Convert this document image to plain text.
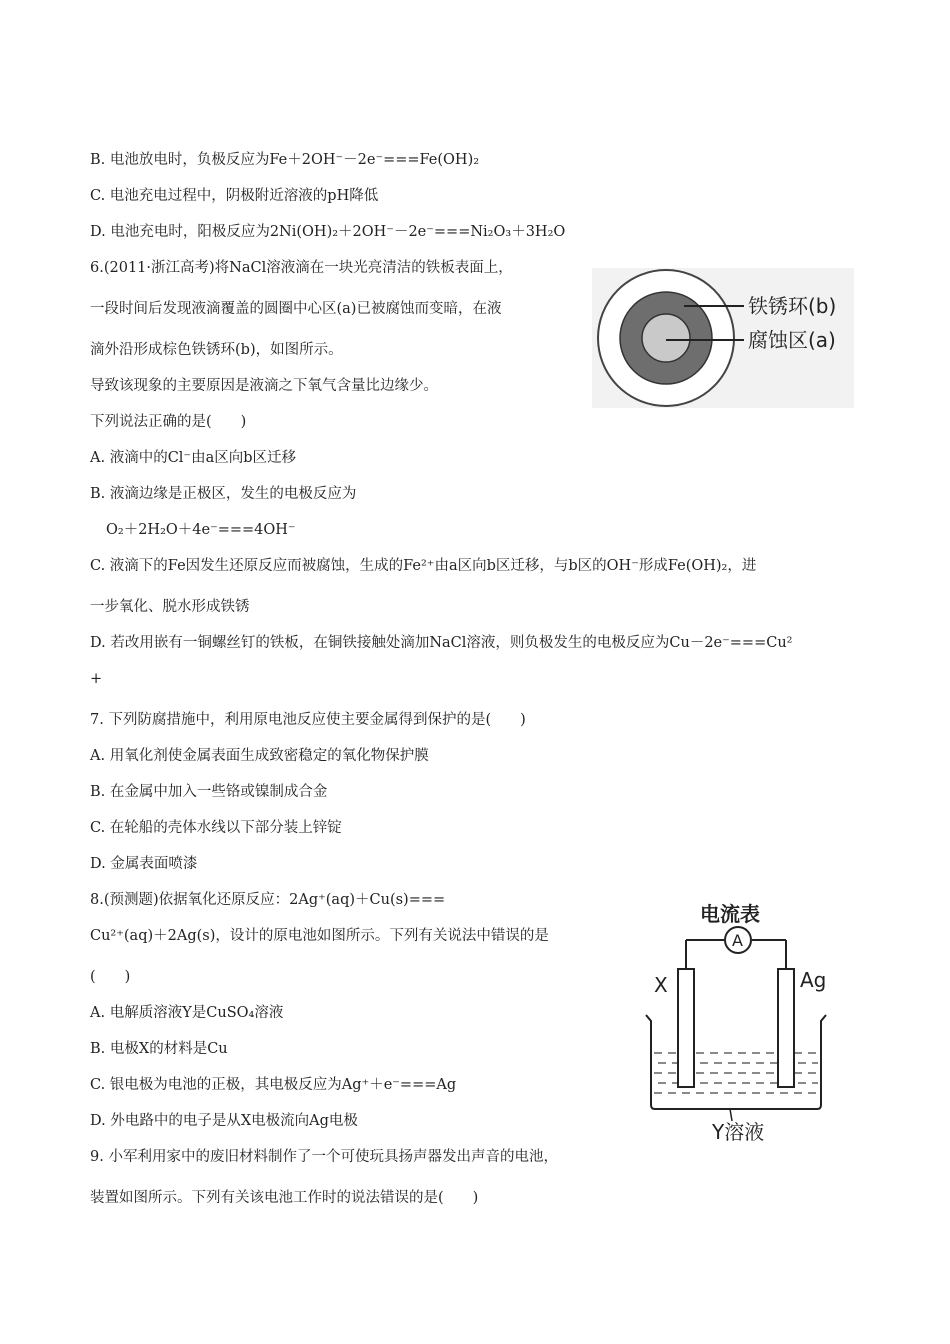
B. 电池放电时，负极反应为Fe＋2OH⁻－2e⁻===Fe(OH)₂
C. 电池充电过程中，阴极附近溶液的pH降低
D. 电池充电时，阳极反应为2Ni(OH)₂＋2OH⁻－2e⁻===Ni₂O₃＋3H₂O
6.(2011·浙江高考)将NaCl溶液滴在一块光亮清洁的铁板表面上，
一段时间后发现液滴覆盖的圆圈中心区(a)已被腐蚀而变暗，在液
滴外沿形成棕色铁锈环(b)，如图所示。
导致该现象的主要原因是液滴之下氧气含量比边缘少。
下列说法正确的是(　　)
A. 液滴中的Cl⁻由a区向b区迁移
B. 液滴边缘是正极区，发生的电极反应为
O₂＋2H₂O＋4e⁻===4OH⁻
C. 液滴下的Fe因发生还原反应而被腐蚀，生成的Fe²⁺由a区向b区迁移，与b区的OH⁻形成Fe(OH)₂，进
一步氧化、脱水形成铁锈
D. 若改用嵌有一铜螺丝钉的铁板，在铜铁接触处滴加NaCl溶液，则负极发生的电极反应为Cu－2e⁻===Cu²
+
7. 下列防腐措施中，利用原电池反应使主要金属得到保护的是(　　)
A. 用氧化剂使金属表面生成致密稳定的氧化物保护膜
B. 在金属中加入一些铬或镍制成合金
C. 在轮船的壳体水线以下部分装上锌锭
D. 金属表面喷漆
8.(预测题)依据氧化还原反应：2Ag⁺(aq)＋Cu(s)===
Cu²⁺(aq)＋2Ag(s)，设计的原电池如图所示。下列有关说法中错误的是
(　　)
A. 电解质溶液Y是CuSO₄溶液
B. 电极X的材料是Cu
C. 银电极为电池的正极，其电极反应为Ag⁺＋e⁻===Ag
D. 外电路中的电子是从X电极流向Ag电极
9. 小军利用家中的废旧材料制作了一个可使玩具扬声器发出声音的电池，
装置如图所示。下列有关该电池工作时的说法错误的是(　　)
铁锈环(b)
腐蚀区(a)
电流表
A
X	Ag
Y溶液
